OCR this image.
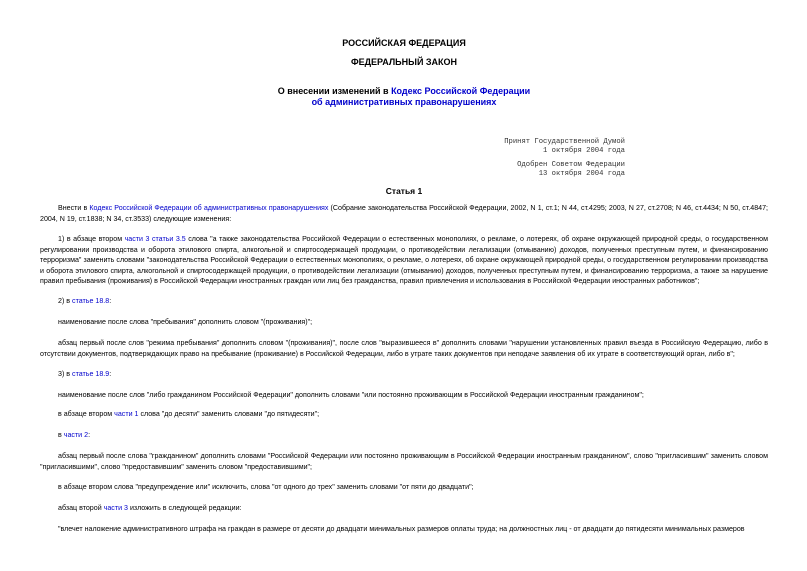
РОССИЙСКАЯ ФЕДЕРАЦИЯ
ФЕДЕРАЛЬНЫЙ ЗАКОН
О внесении изменений в Кодекс Российской Федерации
об административных правонарушениях
Принят Государственной Думой
1 октября 2004 года
Одобрен Советом Федерации
13 октября 2004 года
Статья 1
Внести в Кодекс Российской Федерации об административных правонарушениях (Собрание законодательства Российской Федерации, 2002, N 1, ст.1; N 44, ст.4295; 2003, N 27, ст.2708; N 46, ст.4434; N 50, ст.4847; 2004, N 19, ст.1838; N 34, ст.3533) следующие изменения:
1) в абзаце втором части 3 статьи 3.5 слова "а также законодательства Российской Федерации о естественных монополиях, о рекламе, о лотереях, об охране окружающей природной среды, о государственном регулировании производства и оборота этилового спирта, алкогольной и спиртосодержащей продукции, о противодействии легализации (отмыванию) доходов, полученных преступным путем, и финансированию терроризма" заменить словами "законодательства Российской Федерации о естественных монополиях, о рекламе, о лотереях, об охране окружающей природной среды, о государственном регулировании производства и оборота этилового спирта, алкогольной и спиртосодержащей продукции, о противодействии легализации (отмыванию) доходов, полученных преступным путем, и финансированию терроризма, а также за нарушение правил пребывания (проживания) в Российской Федерации иностранных граждан или лиц без гражданства, правил привлечения и использования в Российской Федерации иностранных работников";
2) в статье 18.8:
наименование после слова "пребывания" дополнить словом "(проживания)";
абзац первый после слов "режима пребывания" дополнить словом "(проживания)", после слов "выразившееся в" дополнить словами "нарушении установленных правил въезда в Российскую Федерацию, либо в отсутствии документов, подтверждающих право на пребывание (проживание) в Российской Федерации, либо в утрате таких документов при неподаче заявления об их утрате в соответствующий орган, либо в";
3) в статье 18.9:
наименование после слов "либо гражданином Российской Федерации" дополнить словами "или постоянно проживающим в Российской Федерации иностранным гражданином";
в абзаце втором части 1 слова "до десяти" заменить словами "до пятидесяти";
в части 2:
абзац первый после слова "гражданином" дополнить словами "Российской Федерации или постоянно проживающим в Российской Федерации иностранным гражданином", слово "пригласившим" заменить словом "пригласившими", слово "предоставившим" заменить словом "предоставившими";
в абзаце втором слова "предупреждение или" исключить, слова "от одного до трех" заменить словами "от пяти до двадцати";
абзац второй части 3 изложить в следующей редакции:
"влечет наложение административного штрафа на граждан в размере от десяти до двадцати минимальных размеров оплаты труда; на должностных лиц - от двадцати до пятидесяти минимальных размеров
